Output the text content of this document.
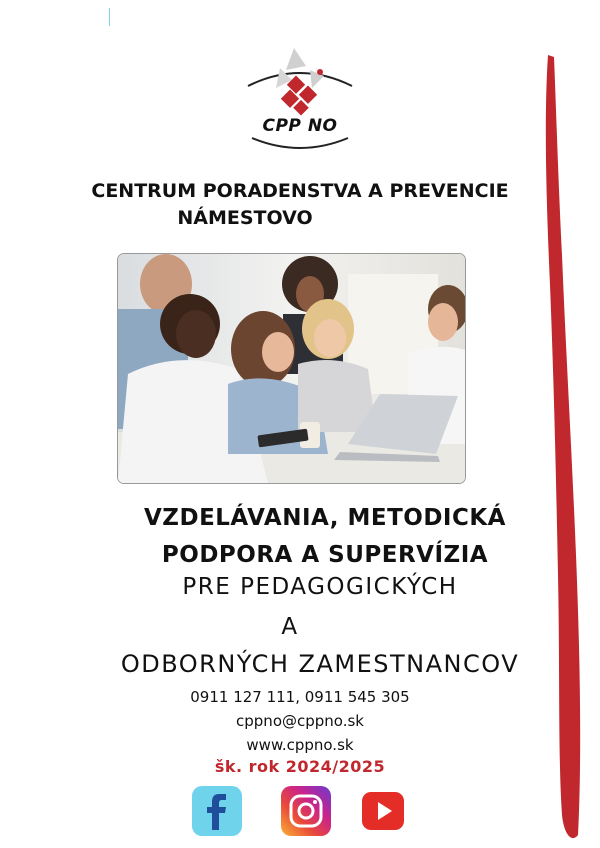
CPP NO
CENTRUM PORADENSTVA A PREVENCIE
NÁMESTOVO
VZDELÁVANIA, METODICKÁ
PODPORA A SUPERVÍZIA
PRE PEDAGOGICKÝCH
A
ODBORNÝCH ZAMESTNANCOV
0911 127 111, 0911 545 305
cppno@cppno.sk
www.cppno.sk
šk. rok 2024/2025
